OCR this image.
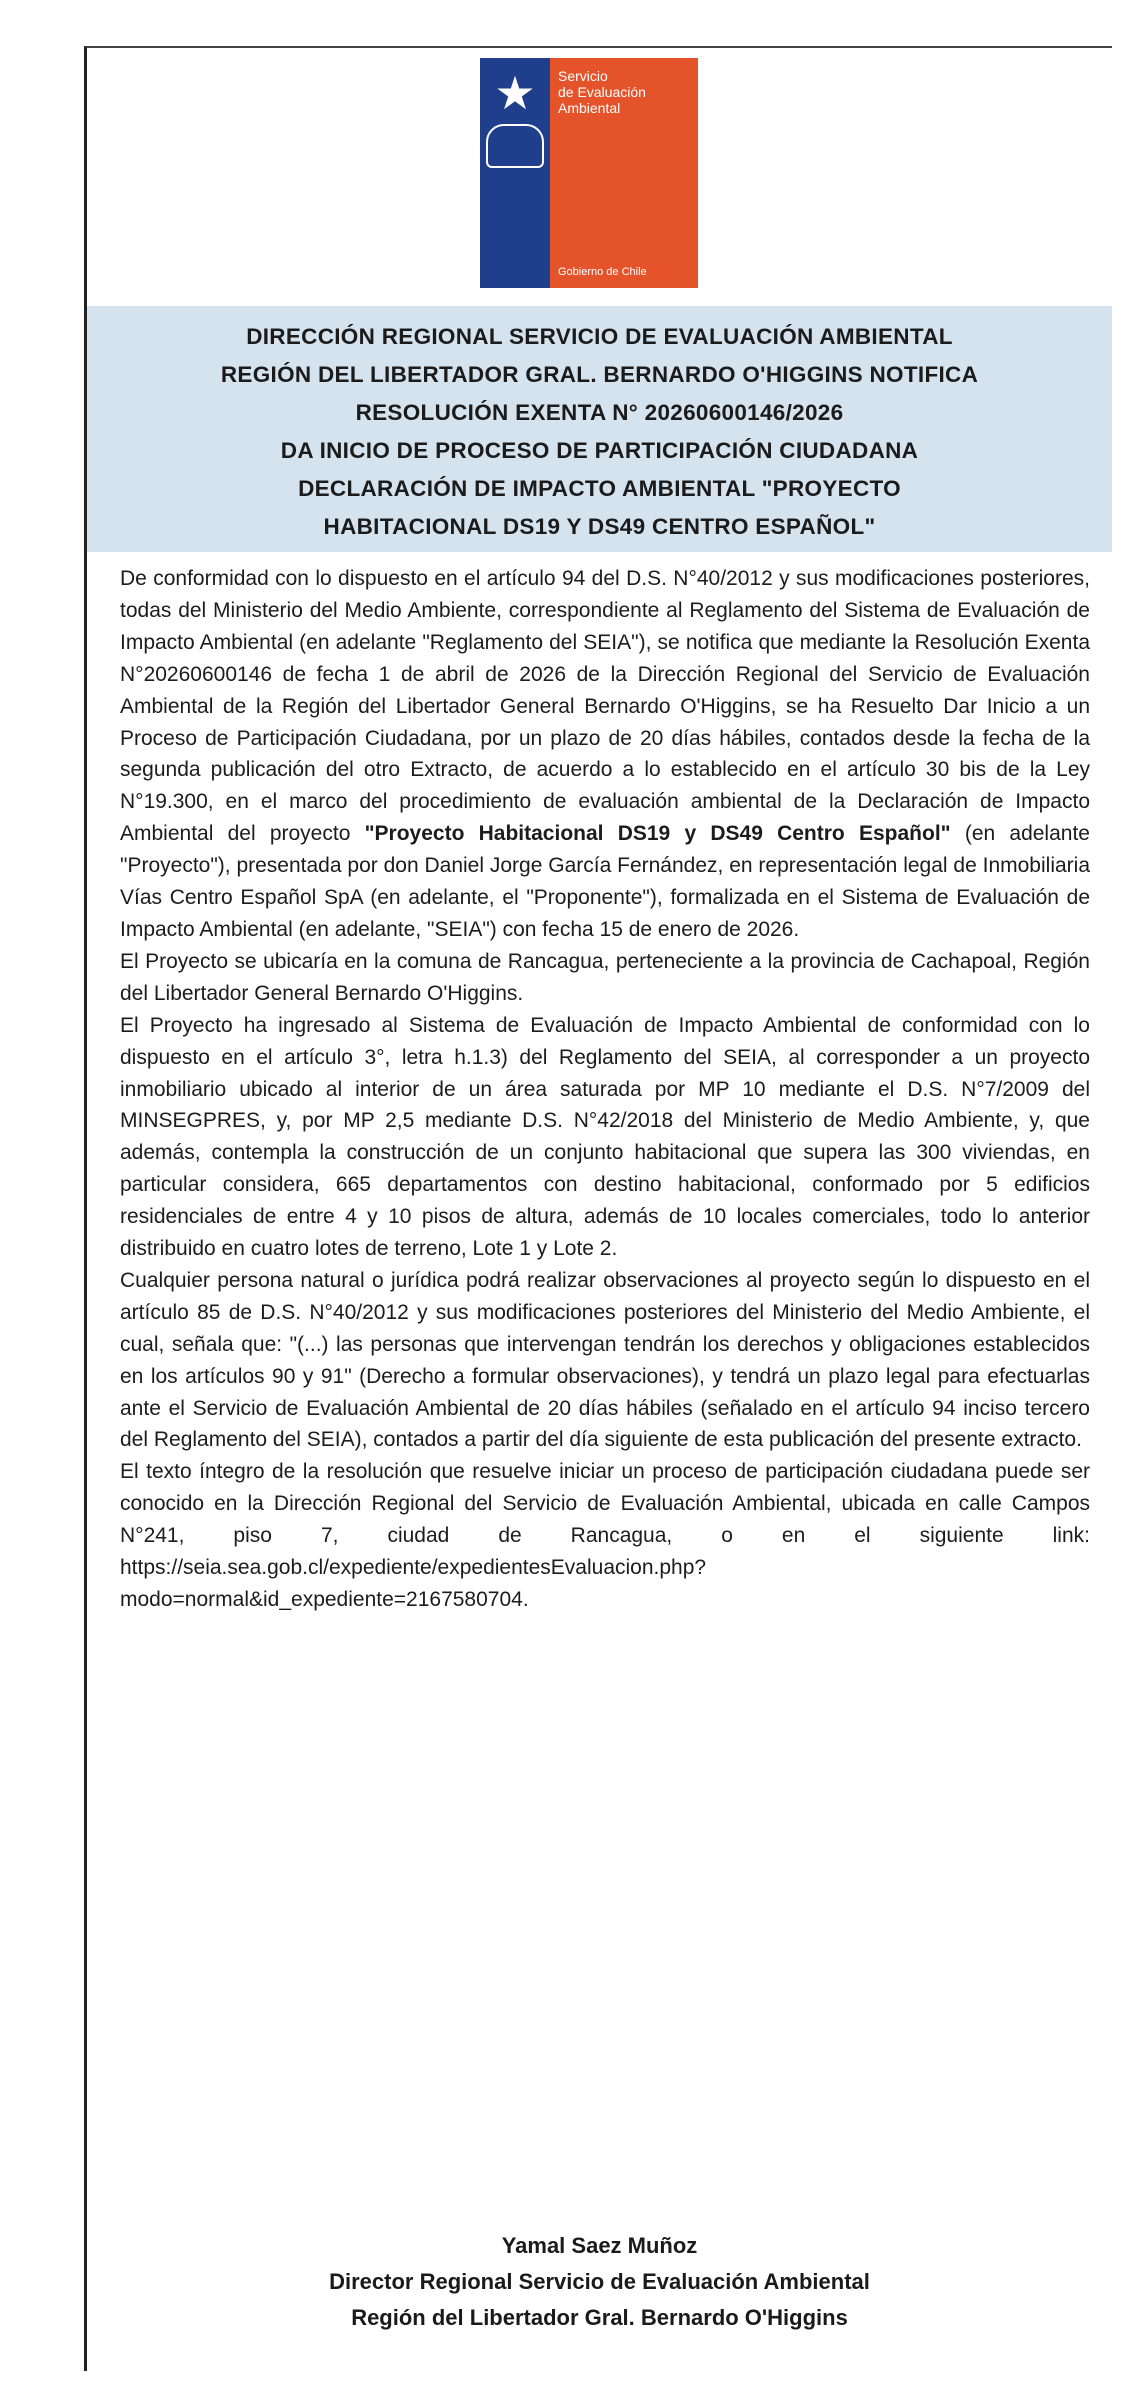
★	Servicio
de Evaluación
Ambiental
Gobierno de Chile
DIRECCIÓN REGIONAL SERVICIO DE EVALUACIÓN AMBIENTAL
REGIÓN DEL LIBERTADOR GRAL. BERNARDO O'HIGGINS NOTIFICA
RESOLUCIÓN EXENTA N° 20260600146/2026
DA INICIO DE PROCESO DE PARTICIPACIÓN CIUDADANA
DECLARACIÓN DE IMPACTO AMBIENTAL "PROYECTO
HABITACIONAL DS19 Y DS49 CENTRO ESPAÑOL"

De conformidad con lo dispuesto en el artículo 94 del D.S. N°40/2012 y sus modificaciones posteriores, todas del Ministerio del Medio Ambiente, correspondiente al Reglamento del Sistema de Evaluación de Impacto Ambiental (en adelante "Reglamento del SEIA"), se notifica que mediante la Resolución Exenta N°20260600146 de fecha 1 de abril de 2026 de la Dirección Regional del Servicio de Evaluación Ambiental de la Región del Libertador General Bernardo O'Higgins, se ha Resuelto Dar Inicio a un Proceso de Participación Ciudadana, por un plazo de 20 días hábiles, contados desde la fecha de la segunda publicación del otro Extracto, de acuerdo a lo establecido en el artículo 30 bis de la Ley N°19.300, en el marco del procedimiento de evaluación ambiental de la Declaración de Impacto Ambiental del proyecto "Proyecto Habitacional DS19 y DS49 Centro Español" (en adelante "Proyecto"), presentada por don Daniel Jorge García Fernández, en representación legal de Inmobiliaria Vías Centro Español SpA (en adelante, el "Proponente"), formalizada en el Sistema de Evaluación de Impacto Ambiental (en adelante, "SEIA") con fecha 15 de enero de 2026.

El Proyecto se ubicaría en la comuna de Rancagua, perteneciente a la provincia de Cachapoal, Región del Libertador General Bernardo O'Higgins.

El Proyecto ha ingresado al Sistema de Evaluación de Impacto Ambiental de conformidad con lo dispuesto en el artículo 3°, letra h.1.3) del Reglamento del SEIA, al corresponder a un proyecto inmobiliario ubicado al interior de un área saturada por MP 10 mediante el D.S. N°7/2009 del MINSEGPRES, y, por MP 2,5 mediante D.S. N°42/2018 del Ministerio de Medio Ambiente, y, que además, contempla la construcción de un conjunto habitacional que supera las 300 viviendas, en particular considera, 665 departamentos con destino habitacional, conformado por 5 edificios residenciales de entre 4 y 10 pisos de altura, además de 10 locales comerciales, todo lo anterior distribuido en cuatro lotes de terreno, Lote 1 y Lote 2.

Cualquier persona natural o jurídica podrá realizar observaciones al proyecto según lo dispuesto en el artículo 85 de D.S. N°40/2012 y sus modificaciones posteriores del Ministerio del Medio Ambiente, el cual, señala que: "(...) las personas que intervengan tendrán los derechos y obligaciones establecidos en los artículos 90 y 91" (Derecho a formular observaciones), y tendrá un plazo legal para efectuarlas ante el Servicio de Evaluación Ambiental de 20 días hábiles (señalado en el artículo 94 inciso tercero del Reglamento del SEIA), contados a partir del día siguiente de esta publicación del presente extracto.

El texto íntegro de la resolución que resuelve iniciar un proceso de participación ciudadana puede ser conocido en la Dirección Regional del Servicio de Evaluación Ambiental, ubicada en calle Campos N°241, piso 7, ciudad de Rancagua, o en el siguiente link: https://seia.sea.gob.cl/expediente/expedientesEvaluacion.php?modo=normal&id_expediente=2167580704.

Yamal Saez Muñoz
Director Regional Servicio de Evaluación Ambiental
Región del Libertador Gral. Bernardo O'Higgins
